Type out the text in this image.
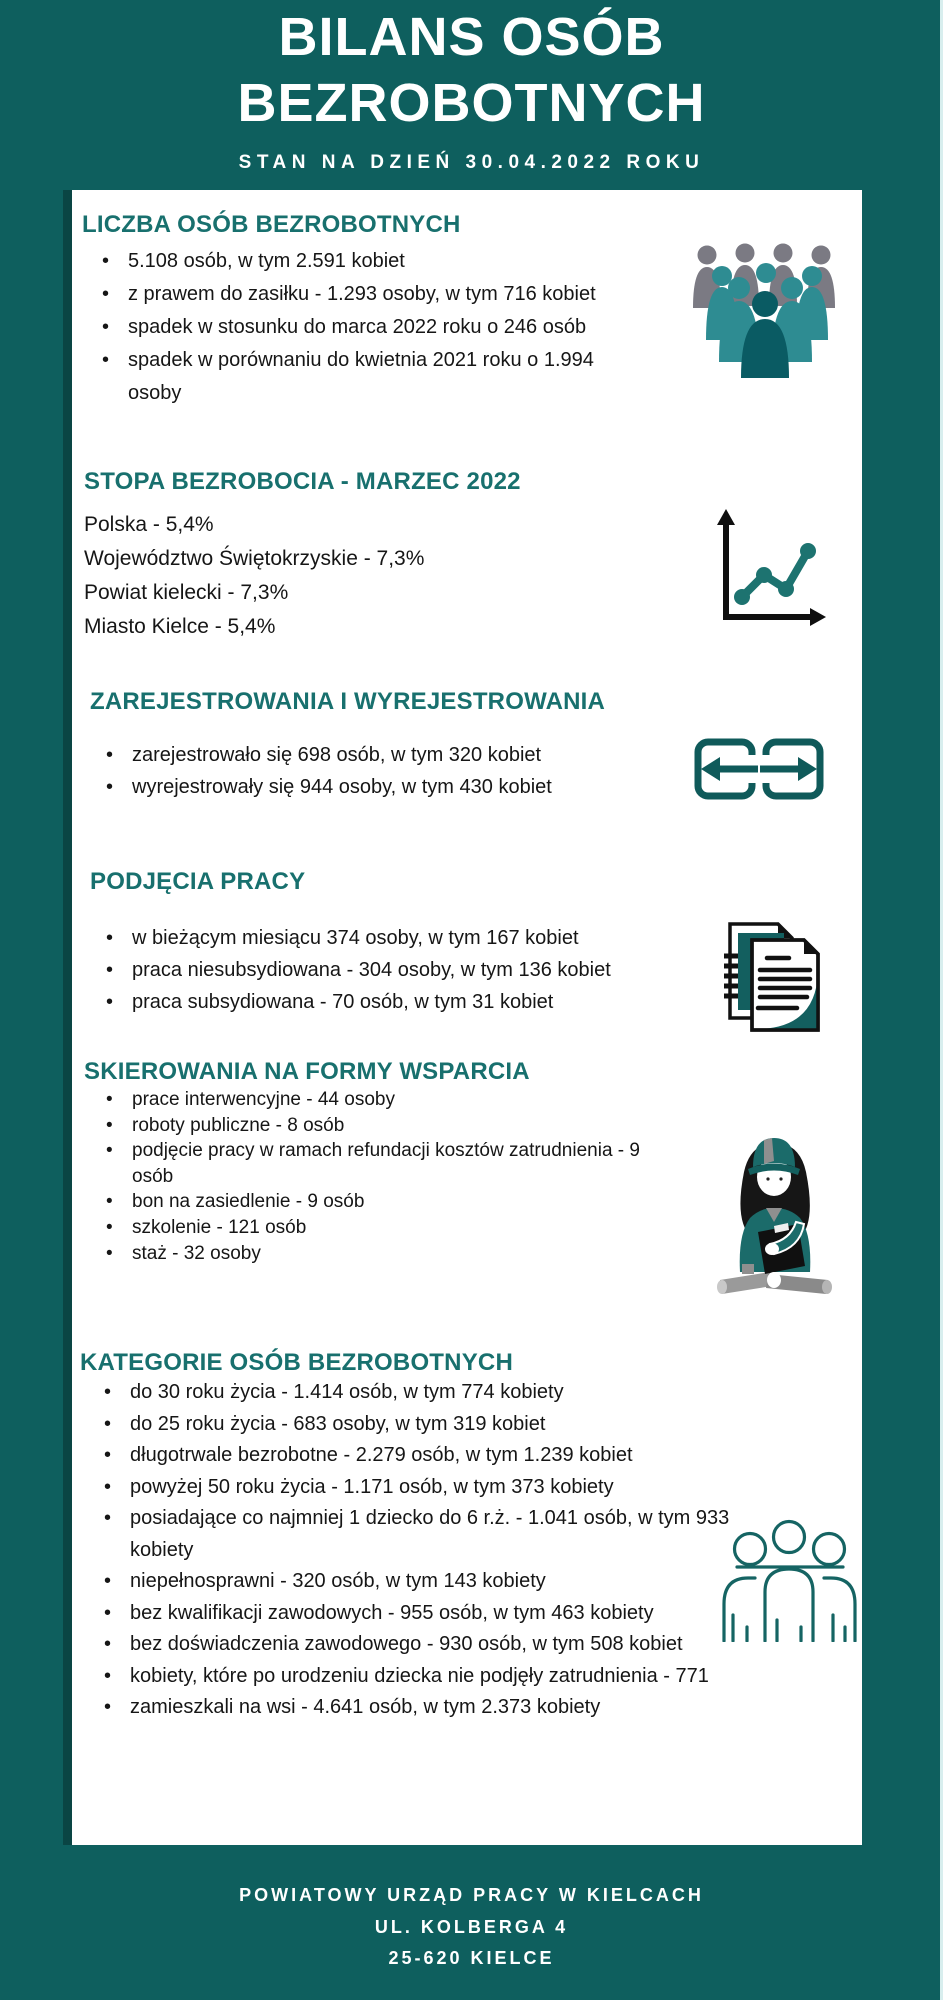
BILANS OSÓB BEZROBOTNYCH
STAN NA DZIEŃ 30.04.2022 ROKU
LICZBA OSÓB BEZROBOTNYCH
• 5.108 osób, w tym 2.591 kobiet
• z prawem do zasiłku - 1.293 osoby, w tym 716 kobiet
• spadek w stosunku do marca 2022 roku o 246 osób
• spadek w porównaniu do kwietnia 2021 roku o 1.994 osoby
STOPA BEZROBOCIA - MARZEC 2022
Polska - 5,4%
Województwo Świętokrzyskie - 7,3%
Powiat kielecki - 7,3%
Miasto Kielce - 5,4%
ZAREJESTROWANIA I WYREJESTROWANIA
• zarejestrowało się 698 osób, w tym 320 kobiet
• wyrejestrowały się 944 osoby, w tym 430 kobiet
PODJĘCIA PRACY
• w bieżącym miesiącu 374 osoby, w tym 167 kobiet
• praca niesubsydiowana - 304 osoby, w tym 136 kobiet
• praca subsydiowana - 70 osób, w tym 31 kobiet
SKIEROWANIA NA FORMY WSPARCIA
• prace interwencyjne - 44 osoby
• roboty publiczne - 8 osób
• podjęcie pracy w ramach refundacji kosztów zatrudnienia - 9 osób
• bon na zasiedlenie - 9 osób
• szkolenie - 121 osób
• staż - 32 osoby
KATEGORIE OSÓB BEZROBOTNYCH
• do 30 roku życia - 1.414 osób, w tym 774 kobiety
• do 25 roku życia - 683 osoby, w tym 319 kobiet
• długotrwale bezrobotne - 2.279 osób, w tym 1.239 kobiet
• powyżej 50 roku życia - 1.171 osób, w tym 373 kobiety
• posiadające co najmniej 1 dziecko do 6 r.ż. - 1.041 osób, w tym 933 kobiety
• niepełnosprawni - 320 osób, w tym 143 kobiety
• bez kwalifikacji zawodowych - 955 osób, w tym 463 kobiety
• bez doświadczenia zawodowego - 930 osób, w tym 508 kobiet
• kobiety, które po urodzeniu dziecka nie podjęły zatrudnienia - 771
• zamieszkali na wsi - 4.641 osób, w tym 2.373 kobiety
POWIATOWY URZĄD PRACY W KIELCACH
UL. KOLBERGA 4
25-620 KIELCE
